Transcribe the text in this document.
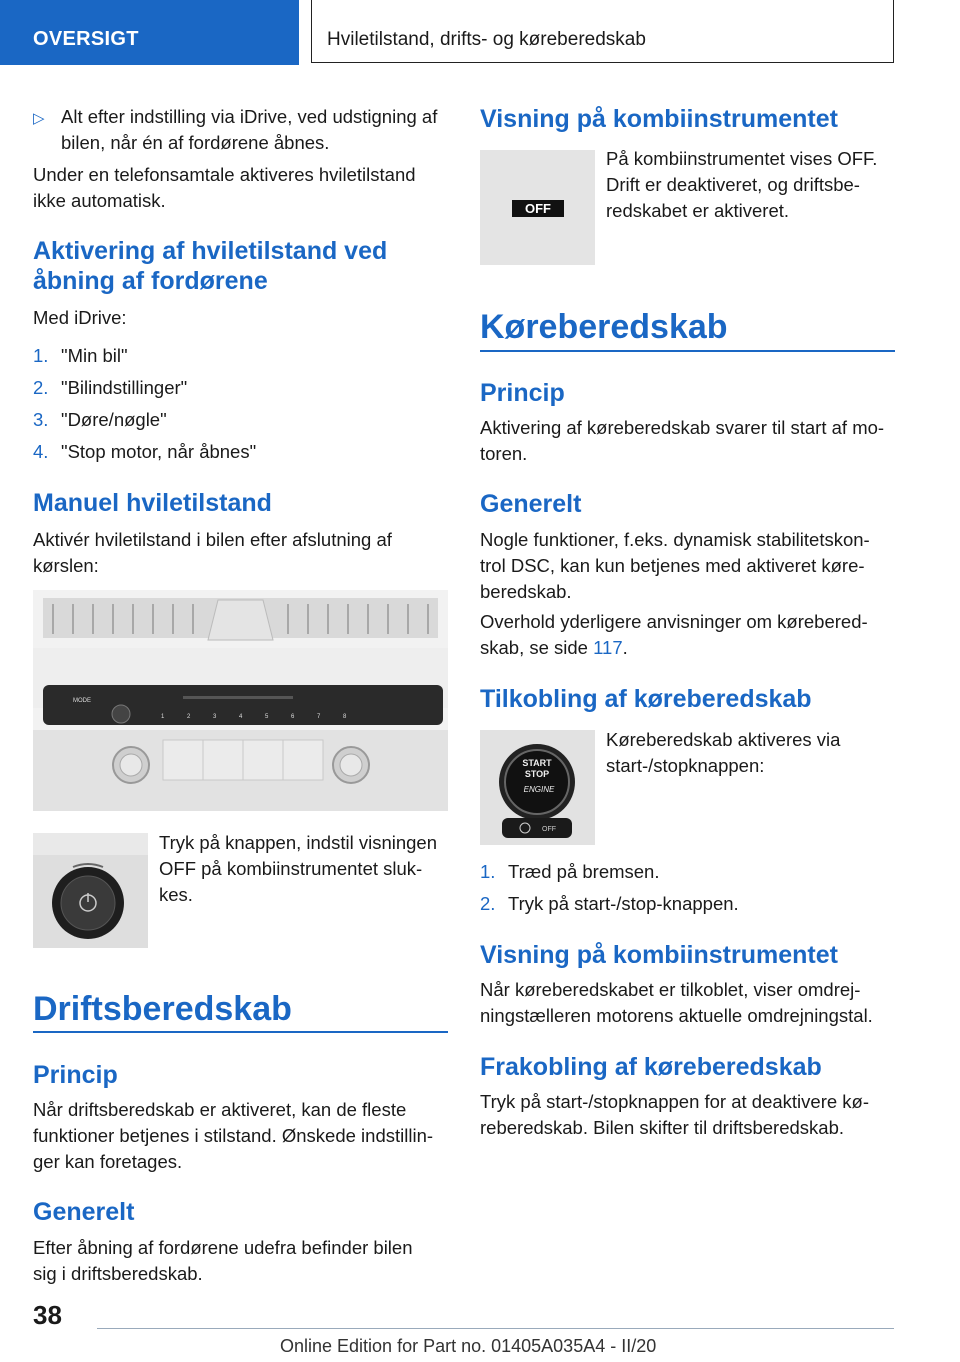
OVERSIGT	Hviletilstand, drifts- og køreberedskab

▷ Alt efter indstilling via iDrive, ved udstigning af

bilen, når én af fordørene åbnes.

Under en telefonsamtale aktiveres hviletilstand

ikke automatisk.

Aktivering af hviletilstand ved
åbning af fordørene

Med iDrive:

1. "Min bil"

2. "Bilindstillinger"

3. "Døre/nøgle"

4. "Stop motor, når åbnes"

Manuel hviletilstand

Aktivér hviletilstand i bilen efter afslutning af

kørslen:

MODE
1	2	3	4	5	6	7	8

Tryk på knappen, indstil visningen

OFF på kombiinstrumentet sluk-

kes.

Driftsberedskab
Princip

Når driftsberedskab er aktiveret, kan de fleste

funktioner betjenes i stilstand. Ønskede indstillin-

ger kan foretages.

Generelt

Efter åbning af fordørene udefra befinder bilen

sig i driftsberedskab.

Visning på kombiinstrumentet
OFF

På kombiinstrumentet vises OFF.

Drift er deaktiveret, og driftsbe-

redskabet er aktiveret.

Køreberedskab
Princip

Aktivering af køreberedskab svarer til start af mo-

toren.

Generelt

Nogle funktioner, f.eks. dynamisk stabilitetskon-

trol DSC, kan kun betjenes med aktiveret køre-

beredskab.

Overhold yderligere anvisninger om kørebered-

skab, se side 117.

Tilkobling af køreberedskab
START
STOP
ENGINE
OFF

Køreberedskab aktiveres via

start-/stopknappen:

1. Træd på bremsen.

2. Tryk på start-/stop-knappen.

Visning på kombiinstrumentet

Når køreberedskabet er tilkoblet, viser omdrej-

ningstælleren motorens aktuelle omdrejningstal.

Frakobling af køreberedskab

Tryk på start-/stopknappen for at deaktivere kø-

reberedskab. Bilen skifter til driftsberedskab.

38
Online Edition for Part no. 01405A035A4 - II/20
